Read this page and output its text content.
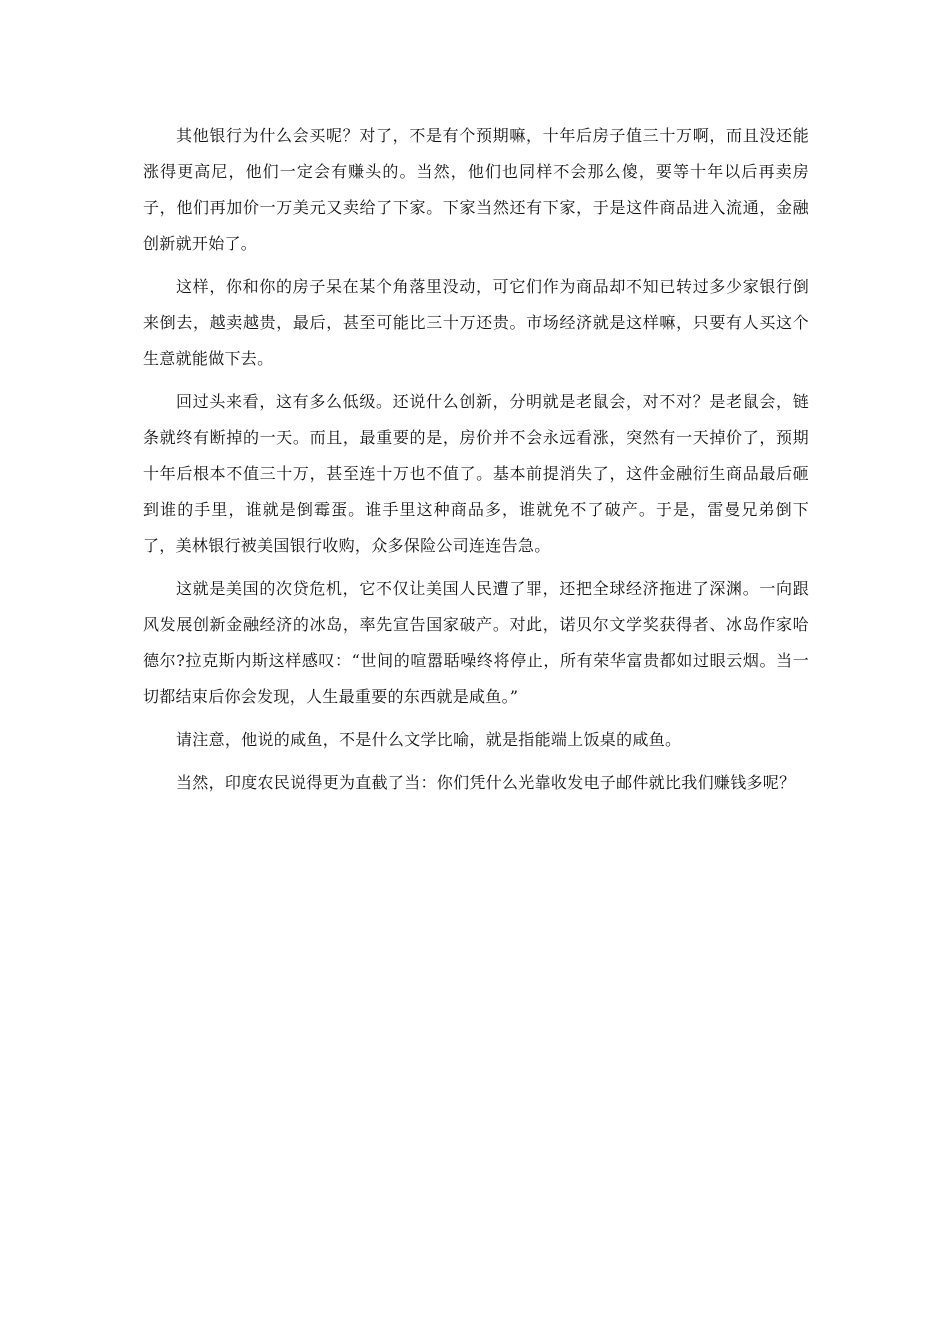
其他银行为什么会买呢？对了，不是有个预期嘛，十年后房子值三十万啊，而且没还能涨得更高尼，他们一定会有赚头的。当然，他们也同样不会那么傻，要等十年以后再卖房子，他们再加价一万美元又卖给了下家。下家当然还有下家，于是这件商品进入流通，金融创新就开始了。

这样，你和你的房子呆在某个角落里没动，可它们作为商品却不知已转过多少家银行倒来倒去，越卖越贵，最后，甚至可能比三十万还贵。市场经济就是这样嘛，只要有人买这个生意就能做下去。

回过头来看，这有多么低级。还说什么创新，分明就是老鼠会，对不对？是老鼠会，链条就终有断掉的一天。而且，最重要的是，房价并不会永远看涨，突然有一天掉价了，预期十年后根本不值三十万，甚至连十万也不值了。基本前提消失了，这件金融衍生商品最后砸到谁的手里，谁就是倒霉蛋。谁手里这种商品多，谁就免不了破产。于是，雷曼兄弟倒下了，美林银行被美国银行收购，众多保险公司连连告急。

这就是美国的次贷危机，它不仅让美国人民遭了罪，还把全球经济拖进了深渊。一向跟风发展创新金融经济的冰岛，率先宣告国家破产。对此，诺贝尔文学奖获得者、冰岛作家哈德尔?拉克斯内斯这样感叹：“世间的喧嚣聒噪终将停止，所有荣华富贵都如过眼云烟。当一切都结束后你会发现，人生最重要的东西就是咸鱼。”

请注意，他说的咸鱼，不是什么文学比喻，就是指能端上饭桌的咸鱼。

当然，印度农民说得更为直截了当：你们凭什么光靠收发电子邮件就比我们赚钱多呢？
